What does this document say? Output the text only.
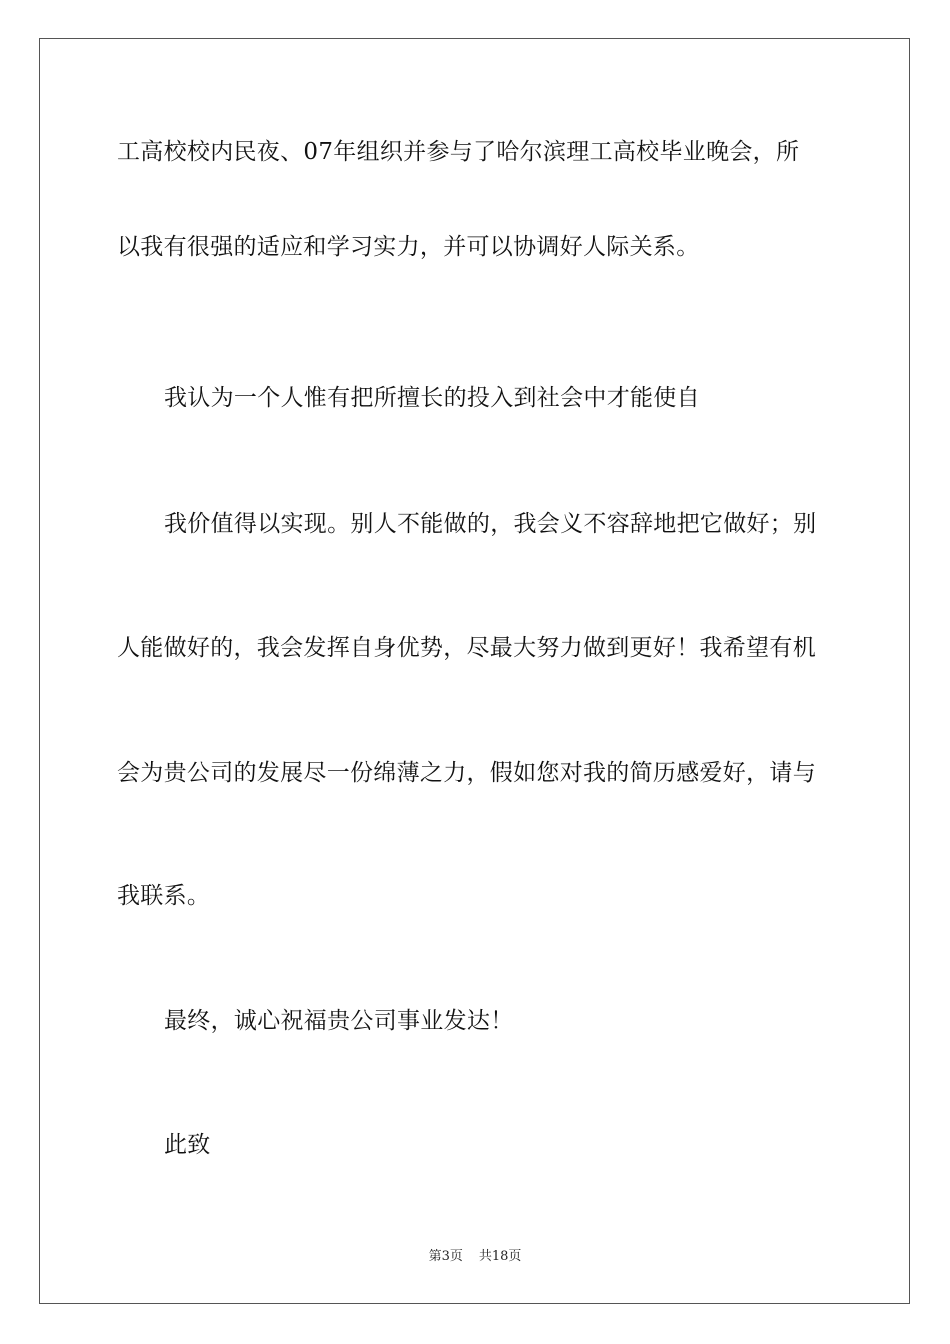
工高校校内民夜、07年组织并参与了哈尔滨理工高校毕业晚会，所
以我有很强的适应和学习实力，并可以协调好人际关系。
我认为一个人惟有把所擅长的投入到社会中才能使自
我价值得以实现。别人不能做的，我会义不容辞地把它做好；别
人能做好的，我会发挥自身优势，尽最大努力做到更好！我希望有机
会为贵公司的发展尽一份绵薄之力，假如您对我的简历感爱好，请与
我联系。
最终，诚心祝福贵公司事业发达！
此致
第3页 共18页
